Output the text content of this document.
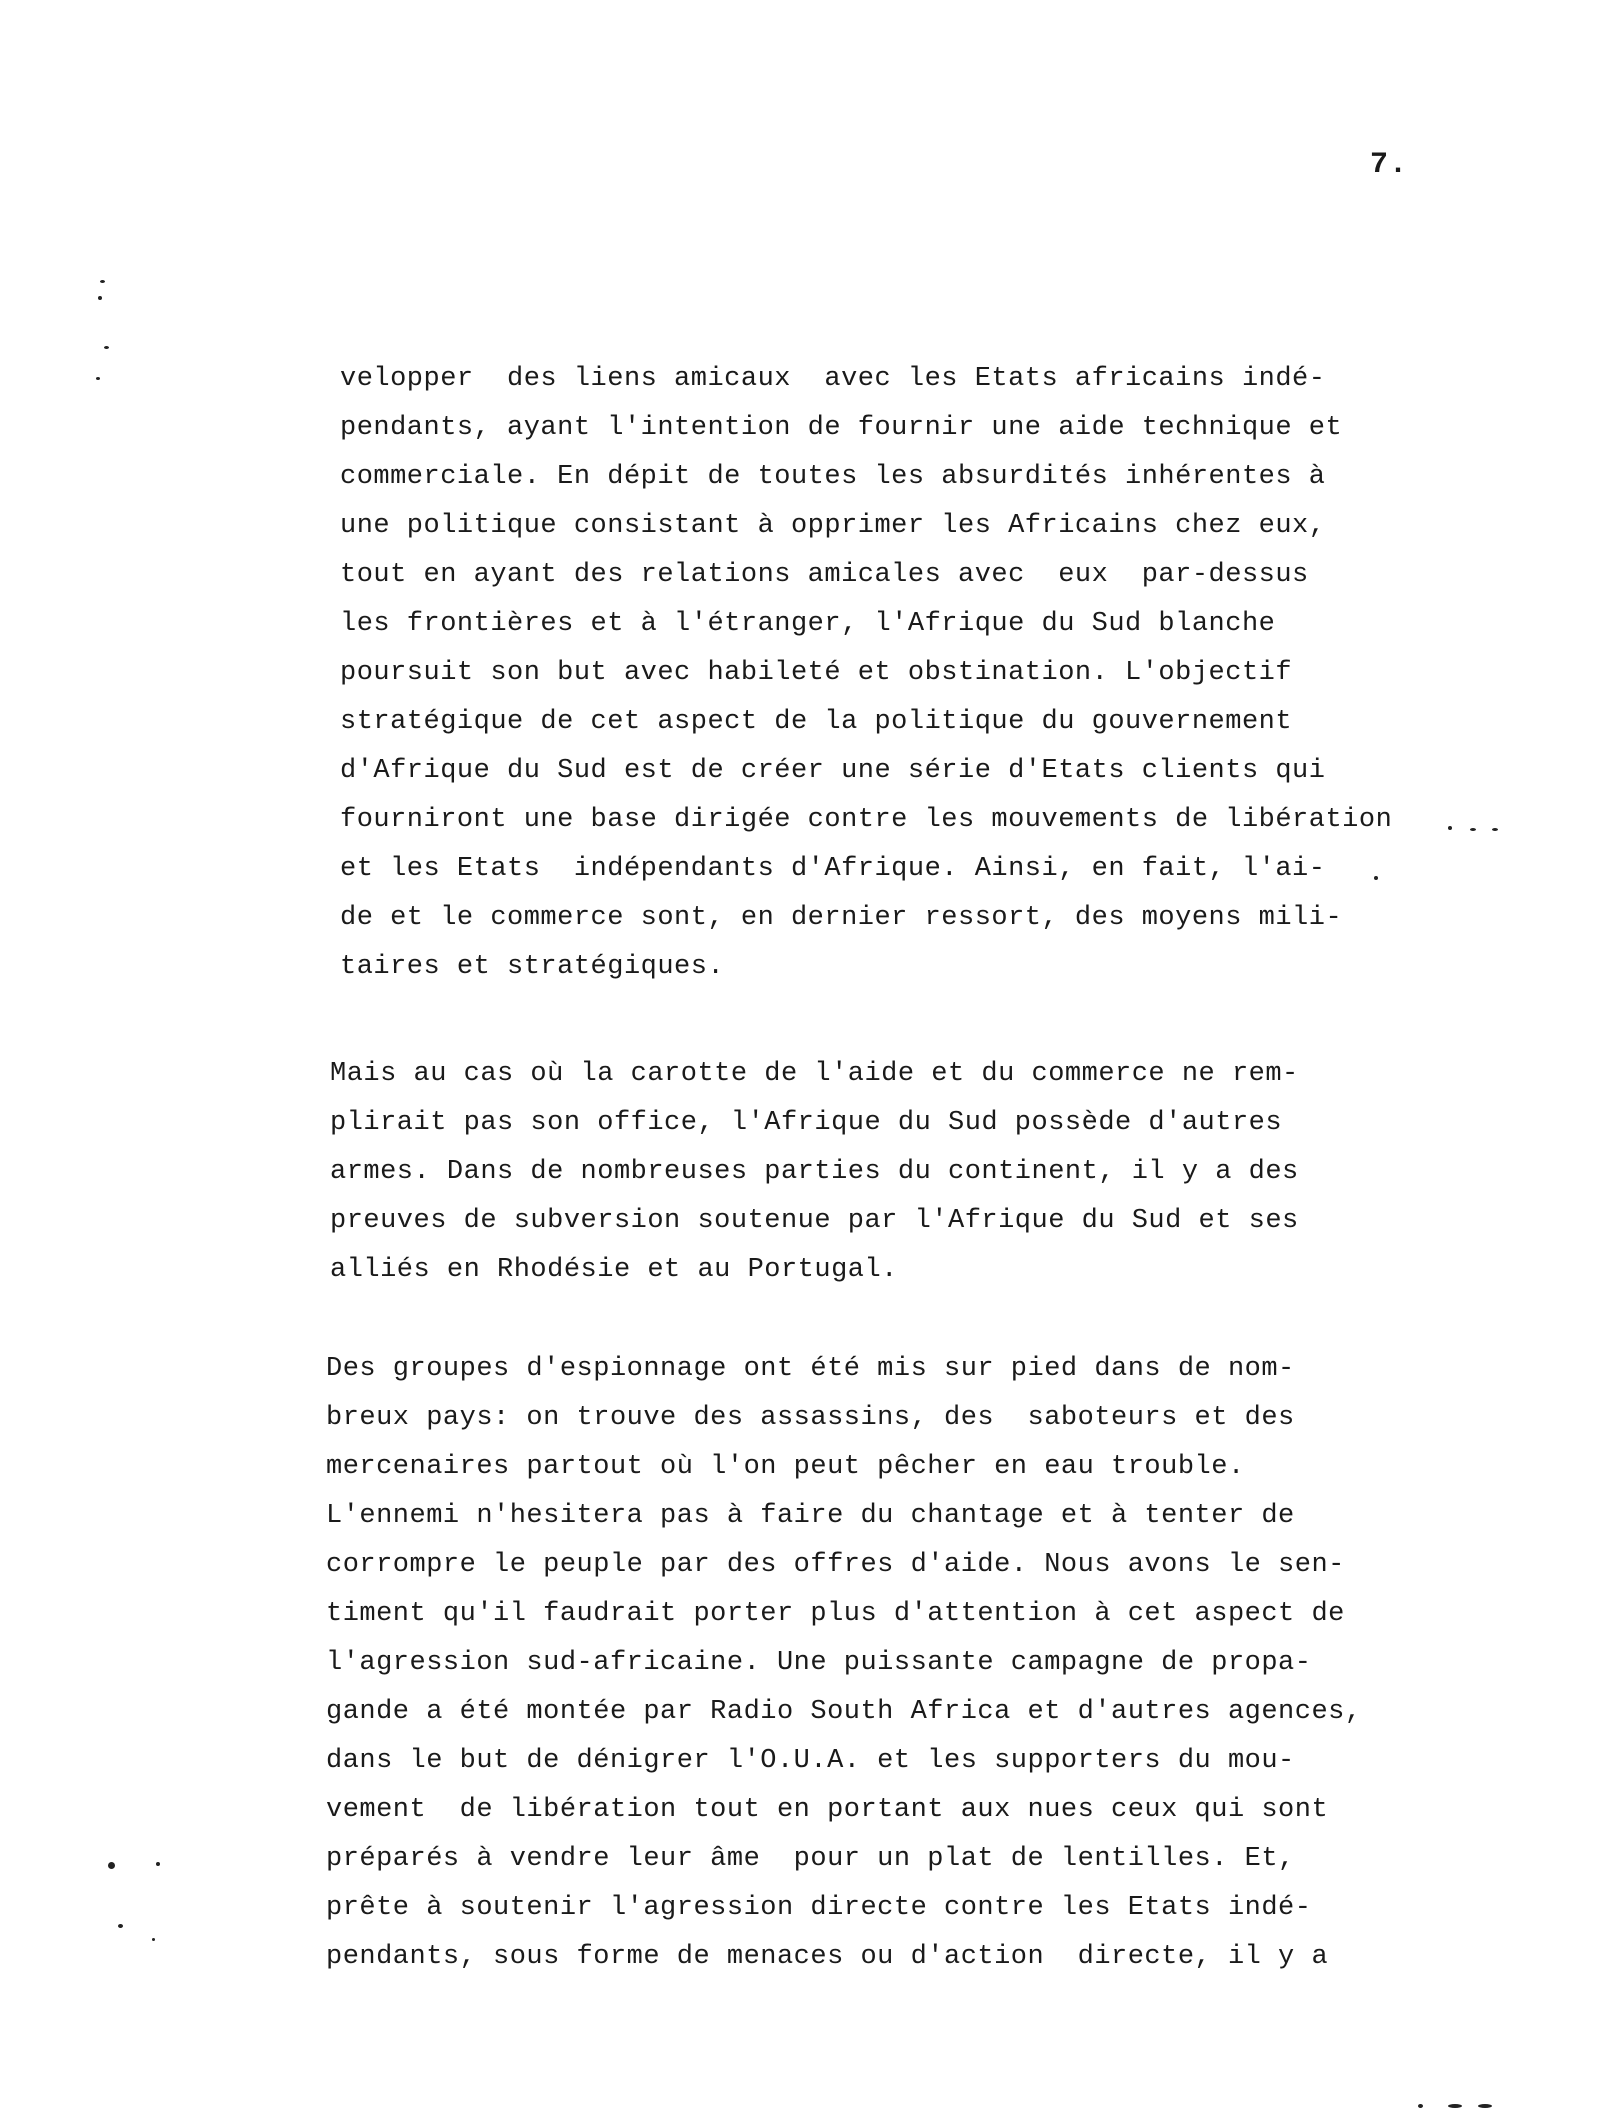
7.
velopper  des liens amicaux  avec les Etats africains indé-
pendants, ayant l'intention de fournir une aide technique et
commerciale. En dépit de toutes les absurdités inhérentes à
une politique consistant à opprimer les Africains chez eux,
tout en ayant des relations amicales avec  eux  par-dessus
les frontières et à l'étranger, l'Afrique du Sud blanche
poursuit son but avec habileté et obstination. L'objectif
stratégique de cet aspect de la politique du gouvernement
d'Afrique du Sud est de créer une série d'Etats clients qui
fourniront une base dirigée contre les mouvements de libération
et les Etats  indépendants d'Afrique. Ainsi, en fait, l'ai-
de et le commerce sont, en dernier ressort, des moyens mili-
taires et stratégiques.
Mais au cas où la carotte de l'aide et du commerce ne rem-
plirait pas son office, l'Afrique du Sud possède d'autres
armes. Dans de nombreuses parties du continent, il y a des
preuves de subversion soutenue par l'Afrique du Sud et ses
alliés en Rhodésie et au Portugal.
Des groupes d'espionnage ont été mis sur pied dans de nom-
breux pays: on trouve des assassins, des  saboteurs et des
mercenaires partout où l'on peut pêcher en eau trouble.
L'ennemi n'hesitera pas à faire du chantage et à tenter de
corrompre le peuple par des offres d'aide. Nous avons le sen-
timent qu'il faudrait porter plus d'attention à cet aspect de
l'agression sud-africaine. Une puissante campagne de propa-
gande a été montée par Radio South Africa et d'autres agences,
dans le but de dénigrer l'O.U.A. et les supporters du mou-
vement  de libération tout en portant aux nues ceux qui sont
préparés à vendre leur âme  pour un plat de lentilles. Et,
prête à soutenir l'agression directe contre les Etats indé-
pendants, sous forme de menaces ou d'action  directe, il y a
